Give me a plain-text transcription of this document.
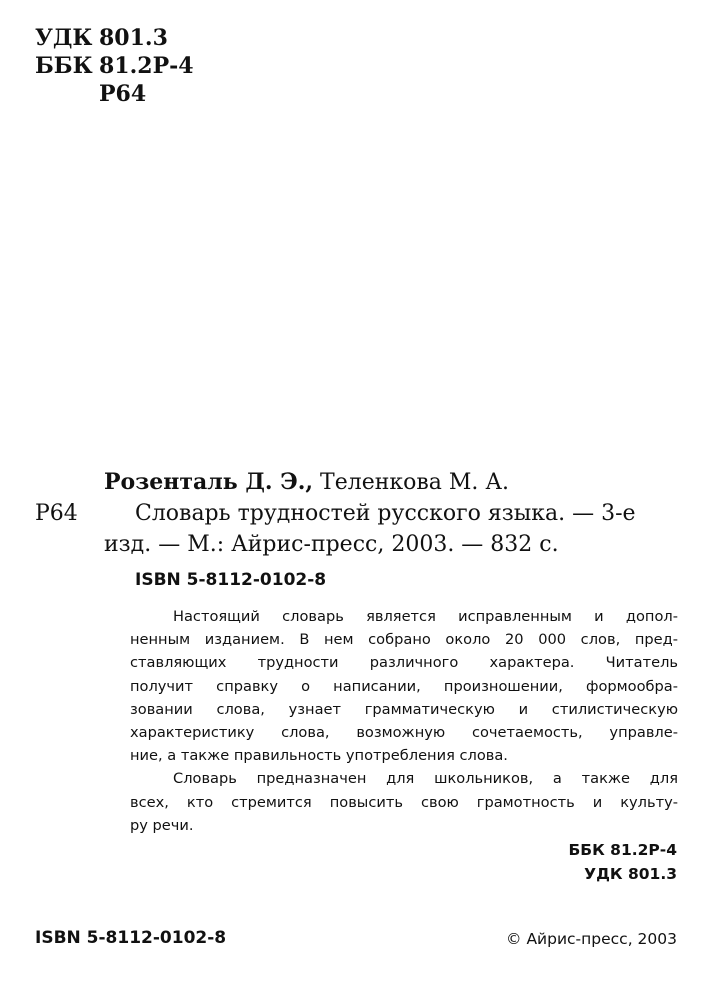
УДК 801.3
ББК 81.2Р-4
Р64
Розенталь Д. Э., Теленкова М. А.
Р64	Словарь трудностей русского языка. — 3-е
изд. — М.: Айрис-пресс, 2003. — 832 с.
ISBN 5-8112-0102-8
Настоящий словарь является исправленным и допол-
ненным изданием. В нем собрано около 20 000 слов, пред-
ставляющих трудности различного характера. Читатель
получит справку о написании, произношении, формообра-
зовании слова, узнает грамматическую и стилистическую
характеристику слова, возможную сочетаемость, управле-
ние, а также правильность употребления слова.
Словарь предназначен для школьников, а также для
всех, кто стремится повысить свою грамотность и культу-
ру речи.
ББК 81.2Р-4
УДК 801.3
ISBN 5-8112-0102-8	© Айрис-пресс, 2003
